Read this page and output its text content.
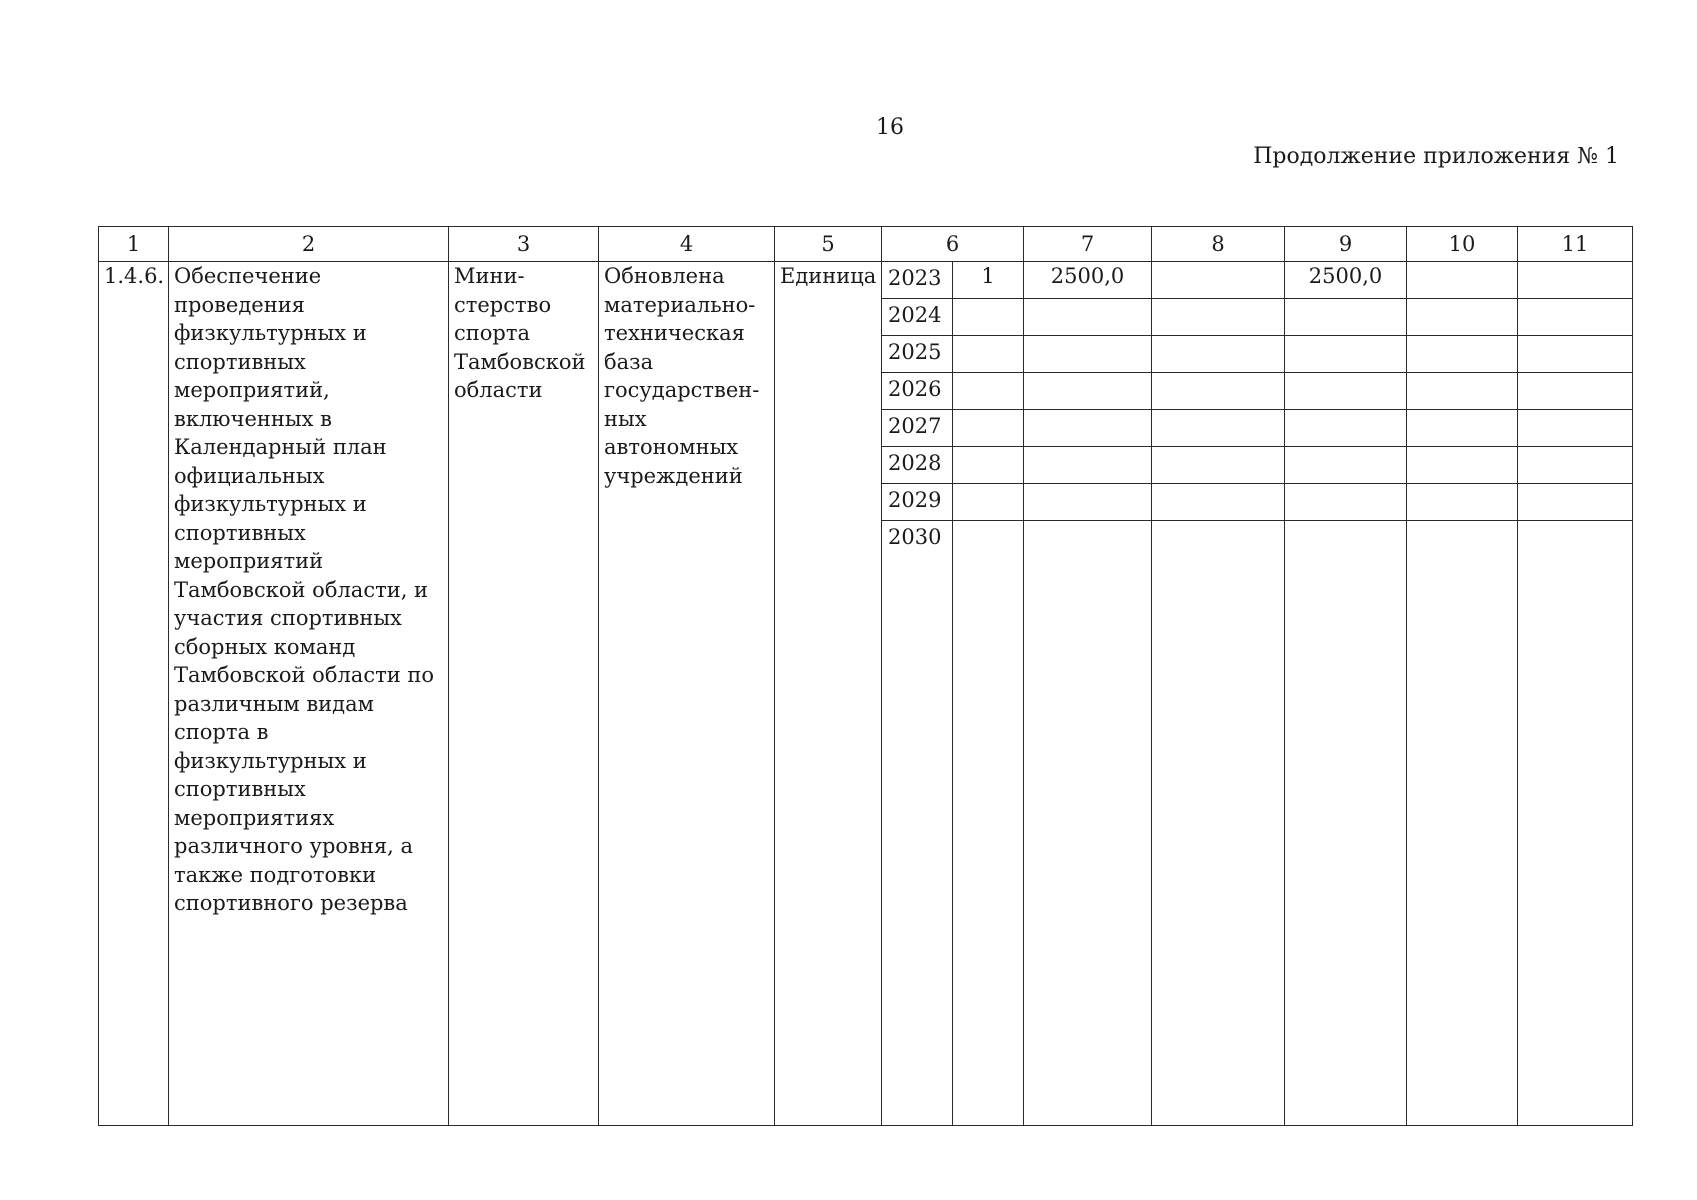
16
Продолжение приложения № 1
1	2	3	4	5	6		7	8	9	10	11
1.4.6.	Обеспечение проведения физкультурных и спортивных мероприятий, включенных в Календарный план официальных физкультурных и спортивных мероприятий Тамбовской области, и участия спортивных сборных команд Тамбовской области по различным видам спорта в физкультурных и спортивных мероприятиях различного уровня, а также подготовки спортивного резерва	Мини-стерство спорта Тамбовской области	Обновлена материально-техническая база государствен-ных автономных учреждений	Единица	2023	1	2500,0		2500,0		
					2024						
					2025						
					2026						
					2027						
					2028						
					2029						
					2030						
